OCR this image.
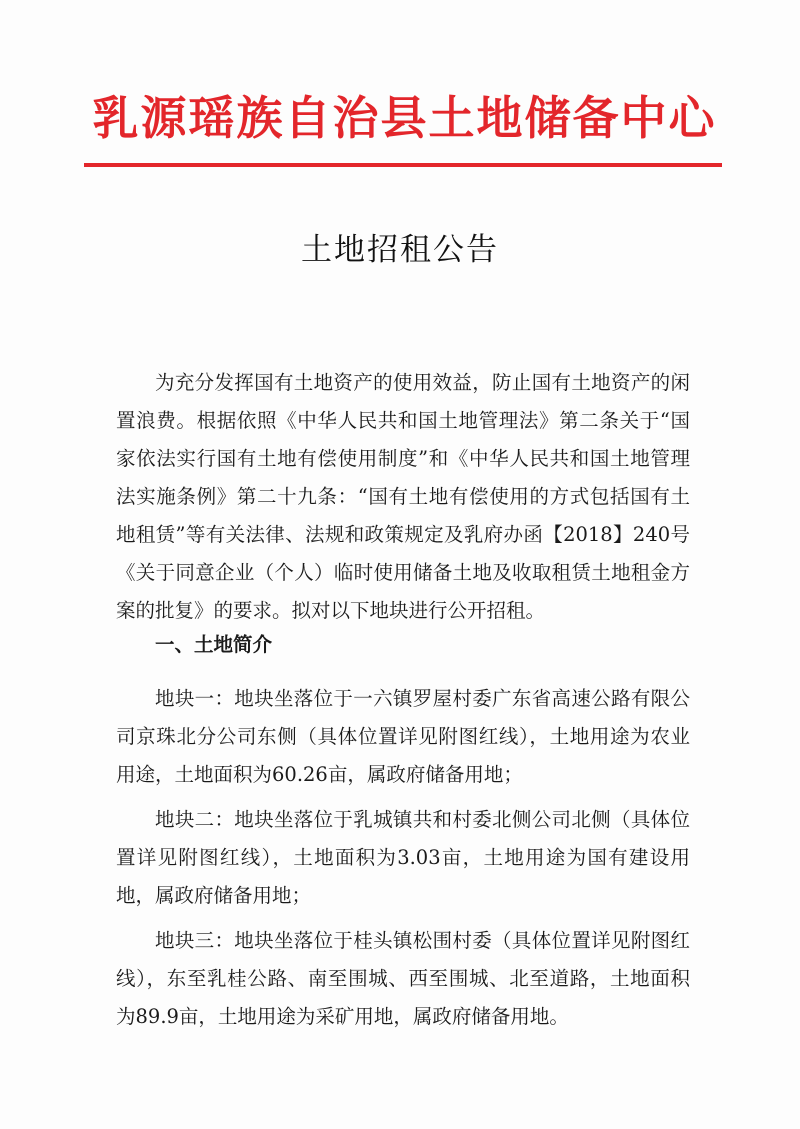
乳源瑶族自治县土地储备中心
土地招租公告

为充分发挥国有土地资产的使用效益，防止国有土地资产的闲置浪费。根据依照《中华人民共和国土地管理法》第二条关于“国家依法实行国有土地有偿使用制度”和《中华人民共和国土地管理法实施条例》第二十九条：“国有土地有偿使用的方式包括国有土地租赁”等有关法律、法规和政策规定及乳府办函【2018】240号《关于同意企业（个人）临时使用储备土地及收取租赁土地租金方案的批复》的要求。拟对以下地块进行公开招租。

一、土地简介

地块一：地块坐落位于一六镇罗屋村委广东省高速公路有限公司京珠北分公司东侧（具体位置详见附图红线），土地用途为农业用途，土地面积为60.26亩，属政府储备用地；

地块二：地块坐落位于乳城镇共和村委北侧公司北侧（具体位置详见附图红线），土地面积为3.03亩，土地用途为国有建设用地，属政府储备用地；

地块三：地块坐落位于桂头镇松围村委（具体位置详见附图红线），东至乳桂公路、南至围城、西至围城、北至道路，土地面积为89.9亩，土地用途为采矿用地，属政府储备用地。
